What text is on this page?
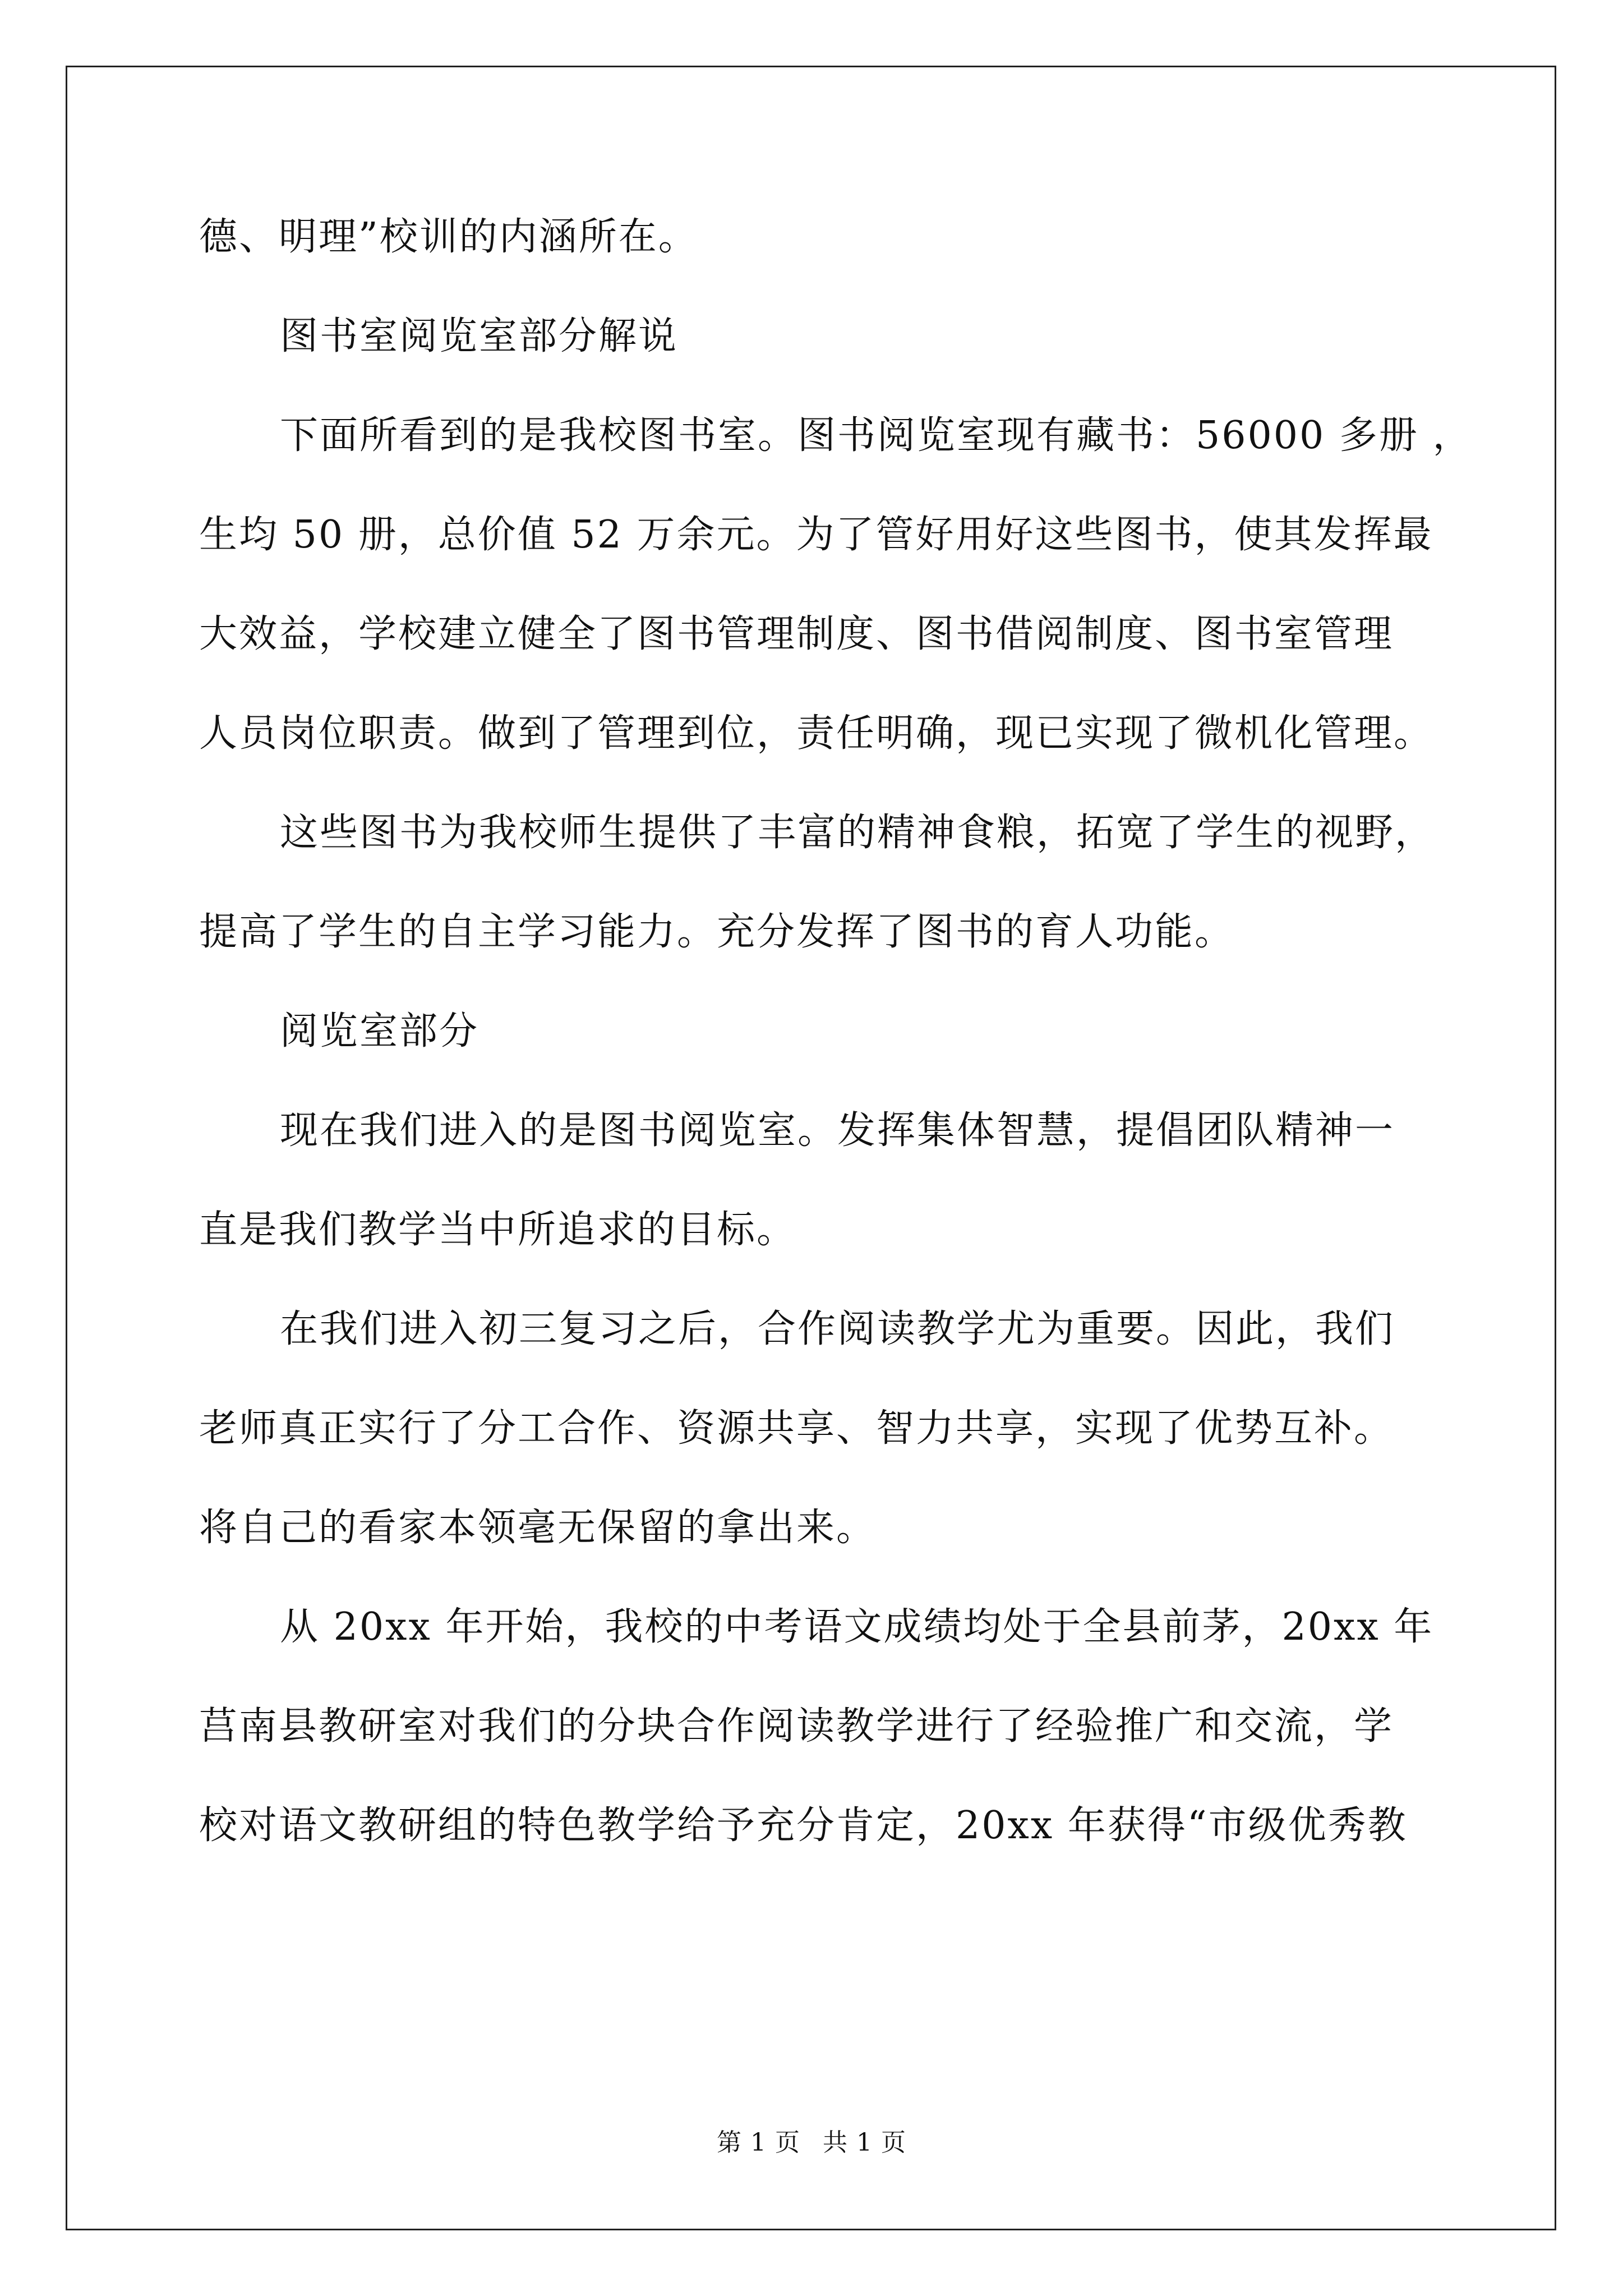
德、明理”校训的内涵所在。
图书室阅览室部分解说
下面所看到的是我校图书室。图书阅览室现有藏书：56000 多册 ，
生均 50 册，总价值 52 万余元。为了管好用好这些图书，使其发挥最
大效益，学校建立健全了图书管理制度、图书借阅制度、图书室管理
人员岗位职责。做到了管理到位，责任明确，现已实现了微机化管理。
这些图书为我校师生提供了丰富的精神食粮，拓宽了学生的视野，
提高了学生的自主学习能力。充分发挥了图书的育人功能。
阅览室部分
现在我们进入的是图书阅览室。发挥集体智慧，提倡团队精神一
直是我们教学当中所追求的目标。
在我们进入初三复习之后，合作阅读教学尤为重要。因此，我们
老师真正实行了分工合作、资源共享、智力共享，实现了优势互补。
将自己的看家本领毫无保留的拿出来。
从 20xx 年开始，我校的中考语文成绩均处于全县前茅，20xx 年
莒南县教研室对我们的分块合作阅读教学进行了经验推广和交流，学
校对语文教研组的特色教学给予充分肯定，20xx 年获得“市级优秀教
第 1 页 共 1 页
